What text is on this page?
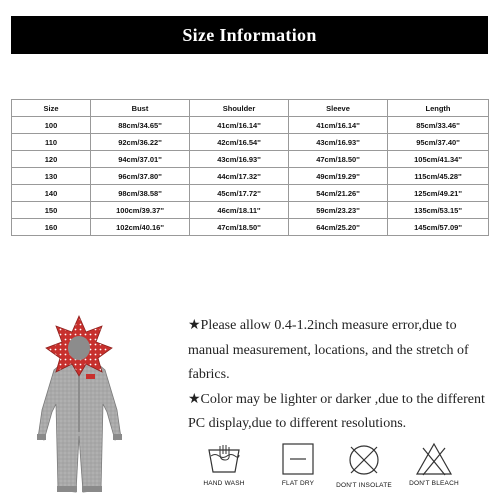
Size Information
Size	Bust	Shoulder	Sleeve	Length
100	88cm/34.65''	41cm/16.14''	41cm/16.14''	85cm/33.46''
110	92cm/36.22''	42cm/16.54''	43cm/16.93''	95cm/37.40''
120	94cm/37.01''	43cm/16.93''	47cm/18.50''	105cm/41.34''
130	96cm/37.80''	44cm/17.32''	49cm/19.29''	115cm/45.28''
140	98cm/38.58''	45cm/17.72''	54cm/21.26''	125cm/49.21''
150	100cm/39.37''	46cm/18.11''	59cm/23.23''	135cm/53.15''
160	102cm/40.16''	47cm/18.50''	64cm/25.20''	145cm/57.09''

★Please allow 0.4-1.2inch measure error,due to manual measurement, locations, and the stretch of fabrics.

★Color may be lighter or darker ,due to the different PC display,due to different resolutions.

HAND WASH	FLAT DRY	DON'T INSOLATE	DON'T BLEACH
